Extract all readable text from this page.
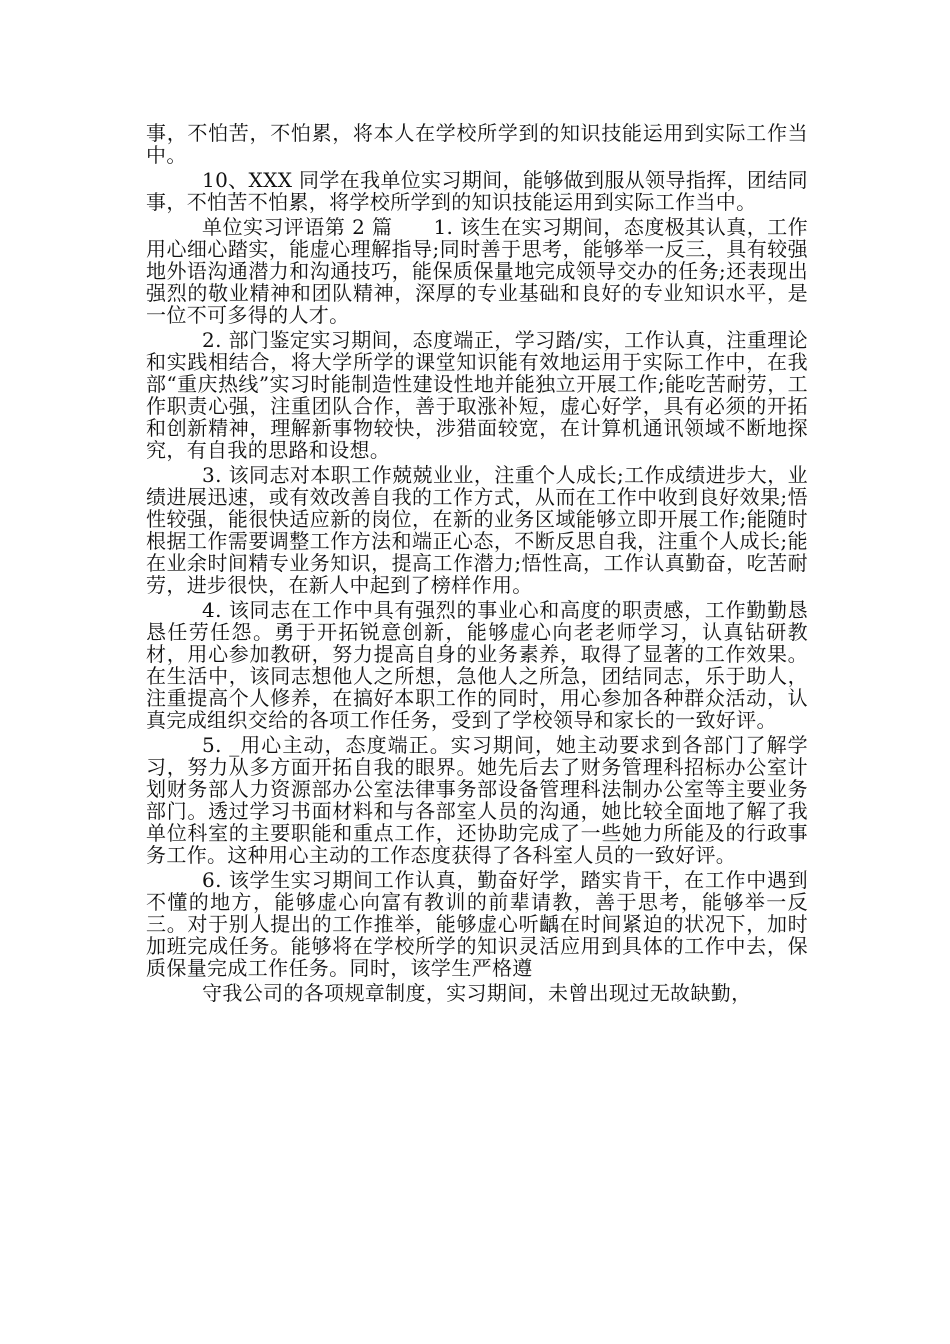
事，不怕苦，不怕累，将本人在学校所学到的知识技能运用到实际工作当中。

10、XXX 同学在我单位实习期间，能够做到服从领导指挥，团结同事，不怕苦不怕累，将学校所学到的知识技能运用到实际工作当中。

单位实习评语第 2 篇　　1. 该生在实习期间，态度极其认真，工作用心细心踏实，能虚心理解指导;同时善于思考，能够举一反三，具有较强地外语沟通潜力和沟通技巧，能保质保量地完成领导交办的任务;还表现出强烈的敬业精神和团队精神，深厚的专业基础和良好的专业知识水平，是一位不可多得的人才。

2. 部门鉴定实习期间，态度端正，学习踏/实，工作认真，注重理论和实践相结合，将大学所学的课堂知识能有效地运用于实际工作中，在我部“重庆热线”实习时能制造性建设性地并能独立开展工作;能吃苦耐劳，工作职责心强，注重团队合作，善于取涨补短，虚心好学，具有必须的开拓和创新精神，理解新事物较快，涉猎面较宽，在计算机通讯领域不断地探究，有自我的思路和设想。

3. 该同志对本职工作兢兢业业，注重个人成长;工作成绩进步大，业绩进展迅速，或有效改善自我的工作方式，从而在工作中收到良好效果;悟性较强，能很快适应新的岗位，在新的业务区域能够立即开展工作;能随时根据工作需要调整工作方法和端正心态，不断反思自我，注重个人成长;能在业余时间精专业务知识，提高工作潜力;悟性高，工作认真勤奋，吃苦耐劳，进步很快，在新人中起到了榜样作用。

4. 该同志在工作中具有强烈的事业心和高度的职责感，工作勤勤恳恳任劳任怨。勇于开拓锐意创新，能够虚心向老老师学习，认真钻研教材，用心参加教研，努力提高自身的业务素养，取得了显著的工作效果。在生活中，该同志想他人之所想，急他人之所急，团结同志，乐于助人，注重提高个人修养，在搞好本职工作的同时，用心参加各种群众活动，认真完成组织交给的各项工作任务，受到了学校领导和家长的一致好评。

5. _用心主动，态度端正。实习期间，她主动要求到各部门了解学习，努力从多方面开拓自我的眼界。她先后去了财务管理科招标办公室计划财务部人力资源部办公室法律事务部设备管理科法制办公室等主要业务部门。透过学习书面材料和与各部室人员的沟通，她比较全面地了解了我单位科室的主要职能和重点工作，还协助完成了一些她力所能及的行政事务工作。这种用心主动的工作态度获得了各科室人员的一致好评。

6. 该学生实习期间工作认真，勤奋好学，踏实肯干，在工作中遇到不懂的地方，能够虚心向富有教训的前辈请教，善于思考，能够举一反三。对于别人提出的工作推举，能够虚心听齲在时间紧迫的状况下，加时加班完成任务。能够将在学校所学的知识灵活应用到具体的工作中去，保质保量完成工作任务。同时，该学生严格遵

守我公司的各项规章制度，实习期间，未曾出现过无故缺勤，
